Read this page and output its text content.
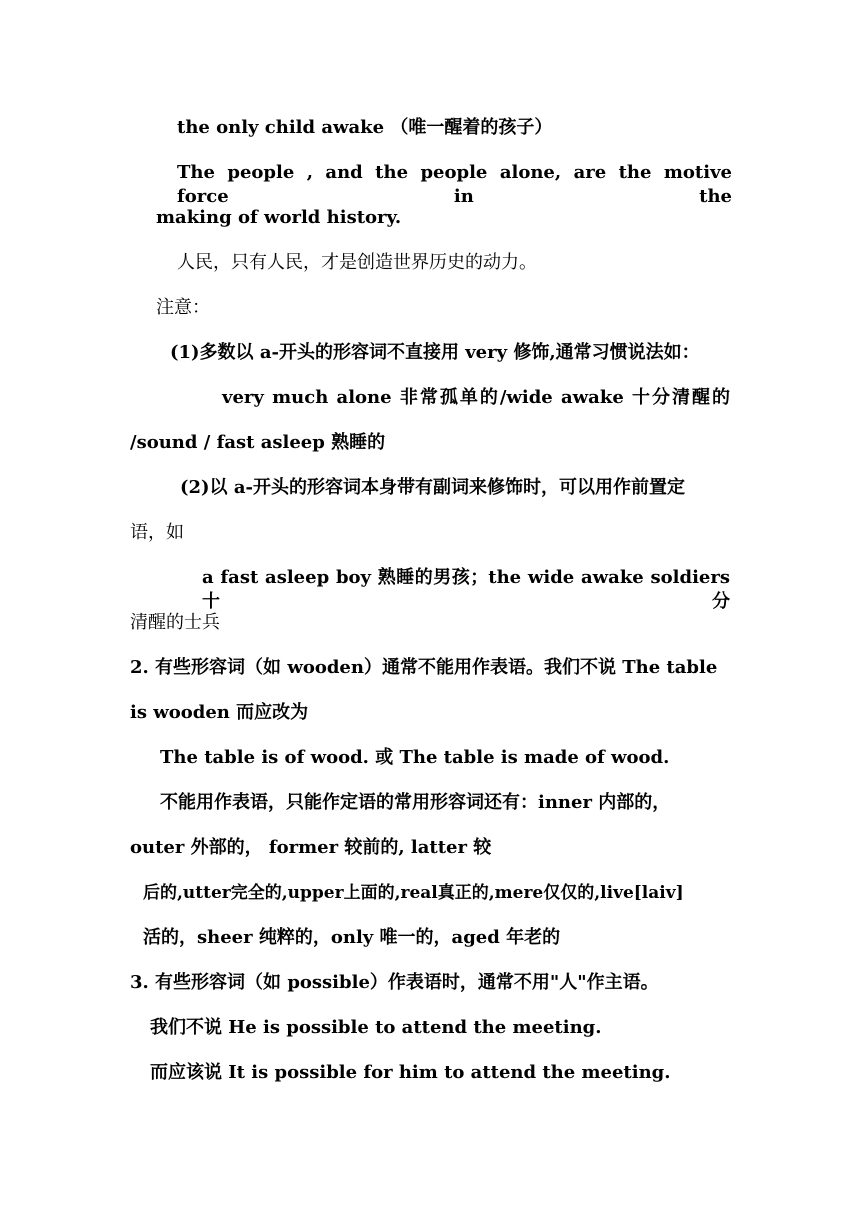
the only child awake （唯一醒着的孩子）
The people , and the people alone, are the motive force in the
making of world history.
人民，只有人民，才是创造世界历史的动力。
注意：
(1)多数以 a-开头的形容词不直接用 very 修饰,通常习惯说法如：
very much alone 非常孤单的/wide awake 十分清醒的
/sound / fast asleep 熟睡的
(2)以 a-开头的形容词本身带有副词来修饰时，可以用作前置定
语，如
a fast asleep boy 熟睡的男孩；the wide awake soldiers 十分
清醒的士兵
2. 有些形容词（如 wooden）通常不能用作表语。我们不说 The table
is wooden 而应改为
The table is of wood. 或 The table is made of wood.
不能用作表语，只能作定语的常用形容词还有：inner 内部的，
outer 外部的， former 较前的, latter 较
后的,utter完全的,upper上面的,real真正的,mere仅仅的,live[laiv]
活的，sheer 纯粹的，only 唯一的，aged 年老的
3. 有些形容词（如 possible）作表语时，通常不用"人"作主语。
我们不说 He is possible to attend the meeting.
而应该说 It is possible for him to attend the meeting.
